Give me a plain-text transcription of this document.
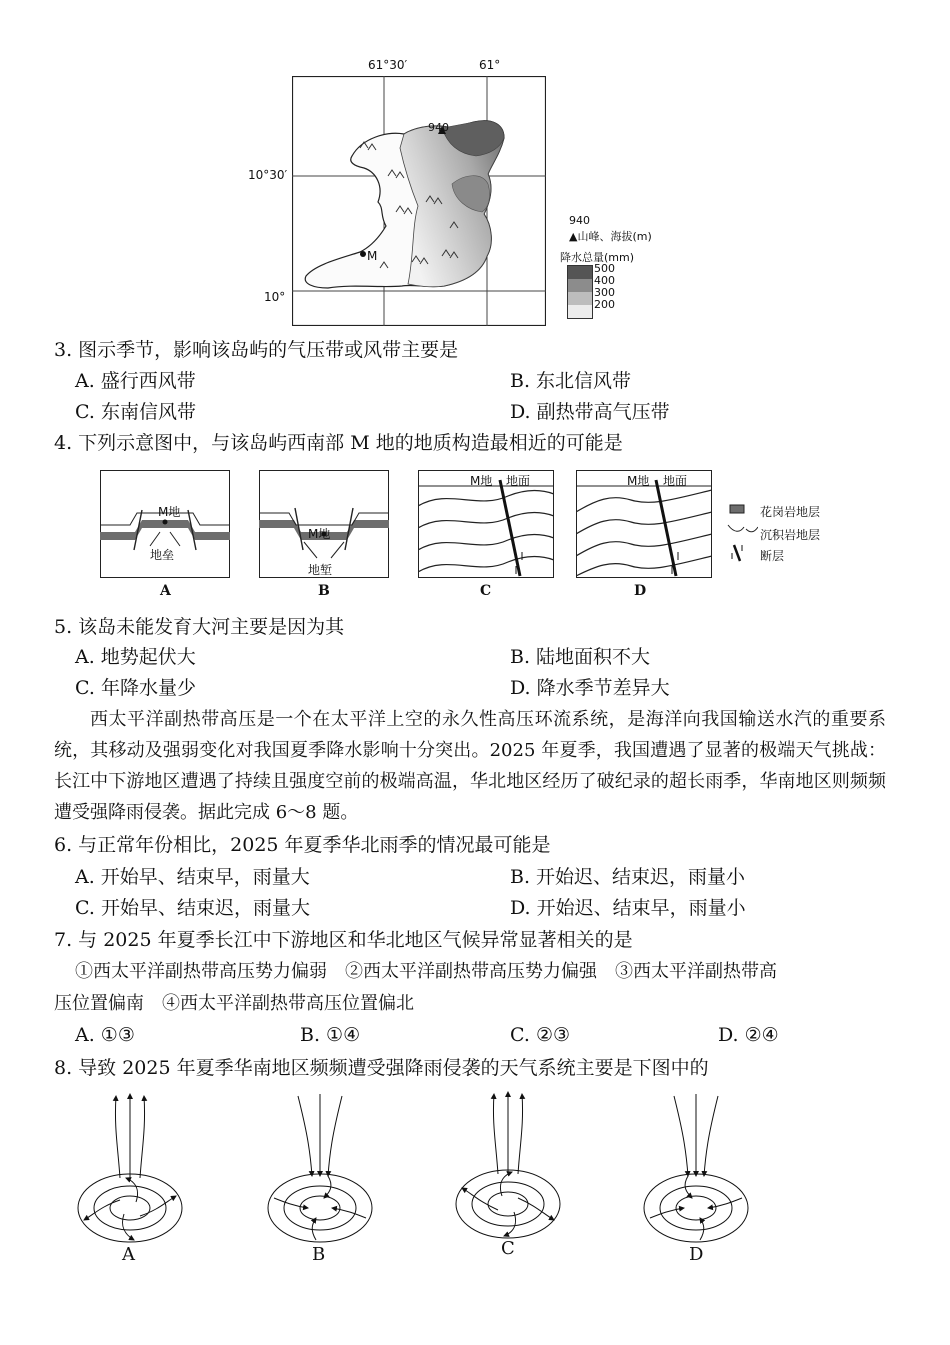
61°30′	61°
10°30′
10°
940
M
940
▲山峰、海拔(m)
降水总量(mm)
500
400
300
200
3. 图示季节，影响该岛屿的气压带或风带主要是
A. 盛行西风带	B. 东北信风带
C. 东南信风带	D. 副热带高气压带
4. 下列示意图中，与该岛屿西南部 M 地的地质构造最相近的可能是
M地
地垒
A
M地
地堑
B
M地 地面
C
M地 地面
D
花岗岩地层
沉积岩地层
断层
5. 该岛未能发育大河主要是因为其
A. 地势起伏大	B. 陆地面积不大
C. 年降水量少	D. 降水季节差异大
西太平洋副热带高压是一个在太平洋上空的永久性高压环流系统，是海洋向我国输送水汽的重要系统，其移动及强弱变化对我国夏季降水影响十分突出。2025 年夏季，我国遭遇了显著的极端天气挑战：长江中下游地区遭遇了持续且强度空前的极端高温，华北地区经历了破纪录的超长雨季，华南地区则频频遭受强降雨侵袭。据此完成 6～8 题。
6. 与正常年份相比，2025 年夏季华北雨季的情况最可能是
A. 开始早、结束早，雨量大	B. 开始迟、结束迟，雨量小
C. 开始早、结束迟，雨量大	D. 开始迟、结束早，雨量小
7. 与 2025 年夏季长江中下游地区和华北地区气候异常显著相关的是
①西太平洋副热带高压势力偏弱　②西太平洋副热带高压势力偏强　③西太平洋副热带高
压位置偏南　④西太平洋副热带高压位置偏北
A. ①③	B. ①④	C. ②③	D. ②④
8. 导致 2025 年夏季华南地区频频遭受强降雨侵袭的天气系统主要是下图中的
A	B	C	D
